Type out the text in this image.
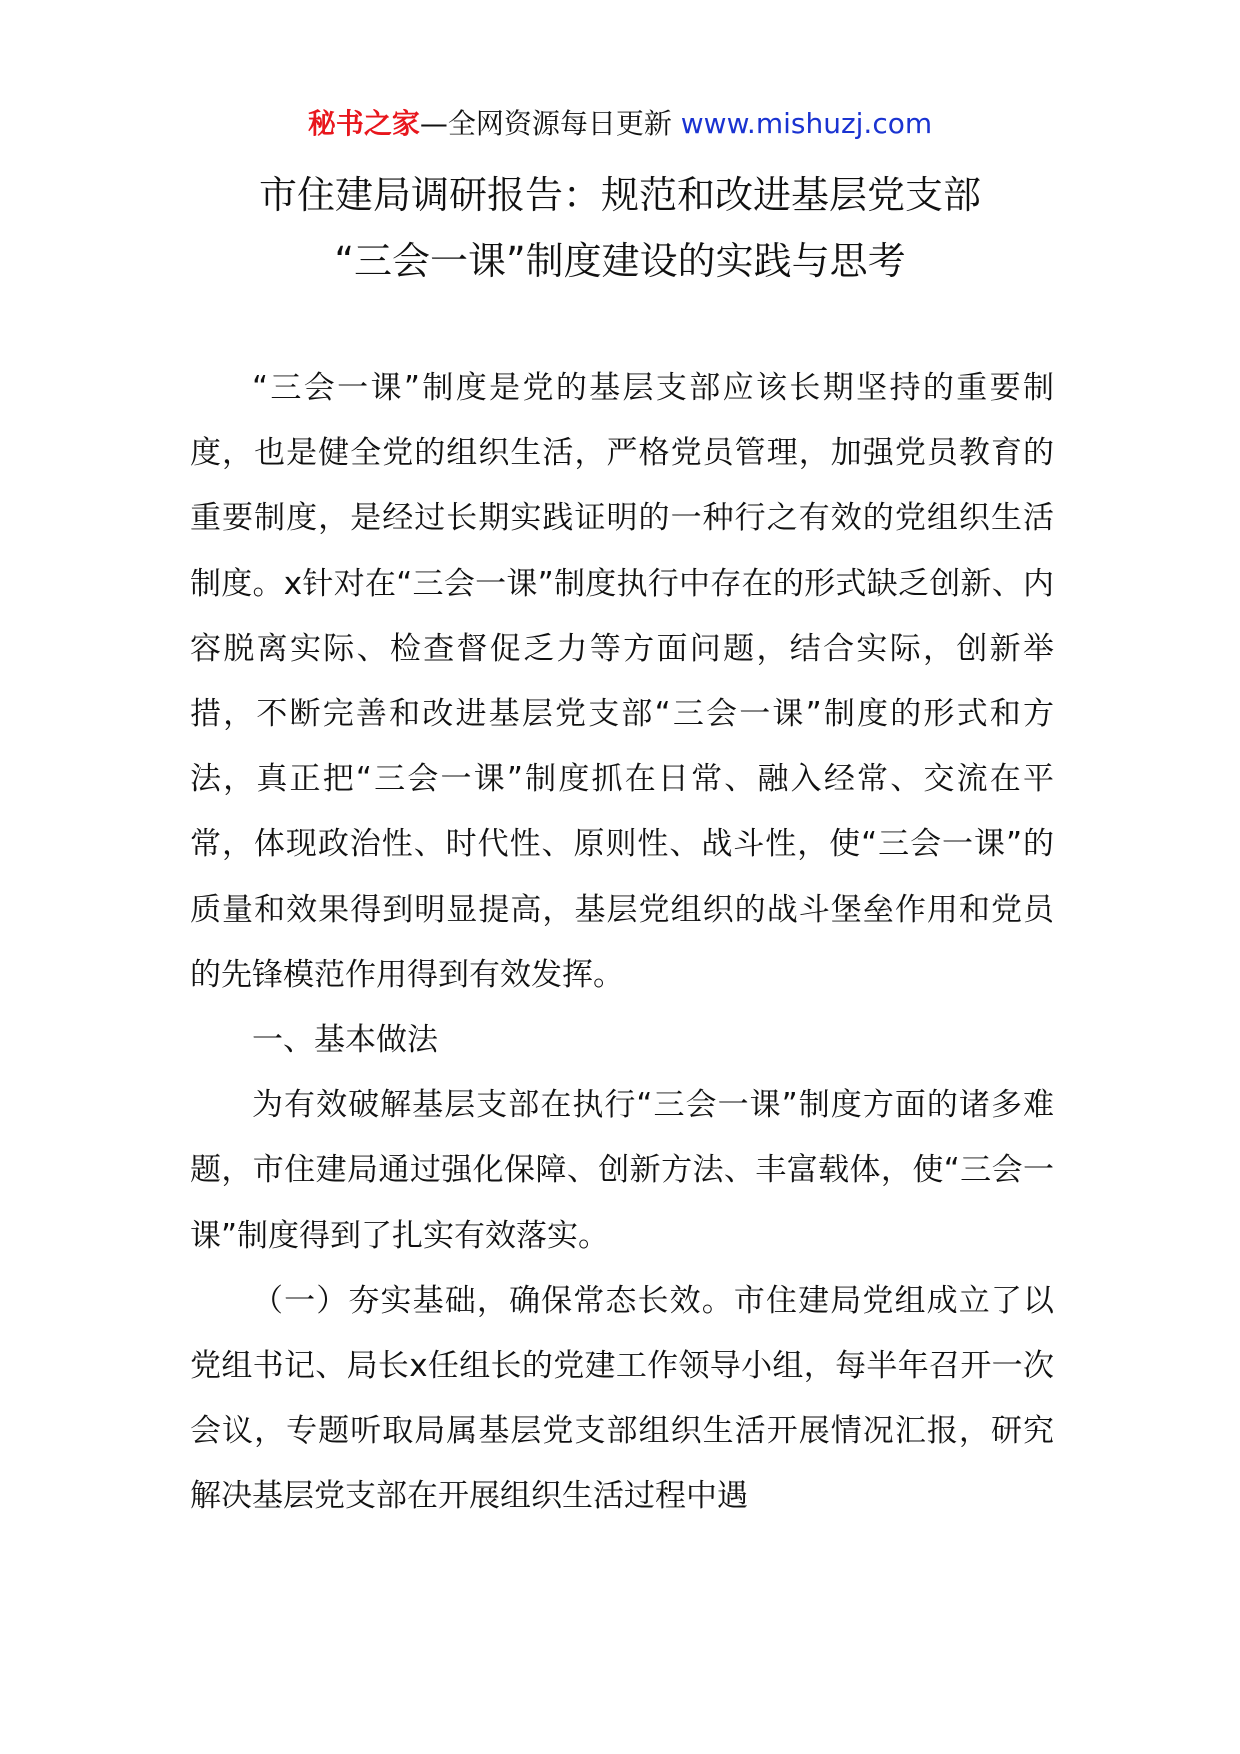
秘书之家—全网资源每日更新 www.mishuzj.com
市住建局调研报告：规范和改进基层党支部
“三会一课”制度建设的实践与思考

“三会一课”制度是党的基层支部应该长期坚持的重要制度，也是健全党的组织生活，严格党员管理，加强党员教育的重要制度，是经过长期实践证明的一种行之有效的党组织生活制度。x针对在“三会一课”制度执行中存在的形式缺乏创新、内容脱离实际、检查督促乏力等方面问题，结合实际，创新举措，不断完善和改进基层党支部“三会一课”制度的形式和方法，真正把“三会一课”制度抓在日常、融入经常、交流在平常，体现政治性、时代性、原则性、战斗性，使“三会一课”的质量和效果得到明显提高，基层党组织的战斗堡垒作用和党员的先锋模范作用得到有效发挥。

一、基本做法

为有效破解基层支部在执行“三会一课”制度方面的诸多难题，市住建局通过强化保障、创新方法、丰富载体，使“三会一课”制度得到了扎实有效落实。

（一）夯实基础，确保常态长效。市住建局党组成立了以党组书记、局长x任组长的党建工作领导小组，每半年召开一次会议，专题听取局属基层党支部组织生活开展情况汇报，研究解决基层党支部在开展组织生活过程中遇
